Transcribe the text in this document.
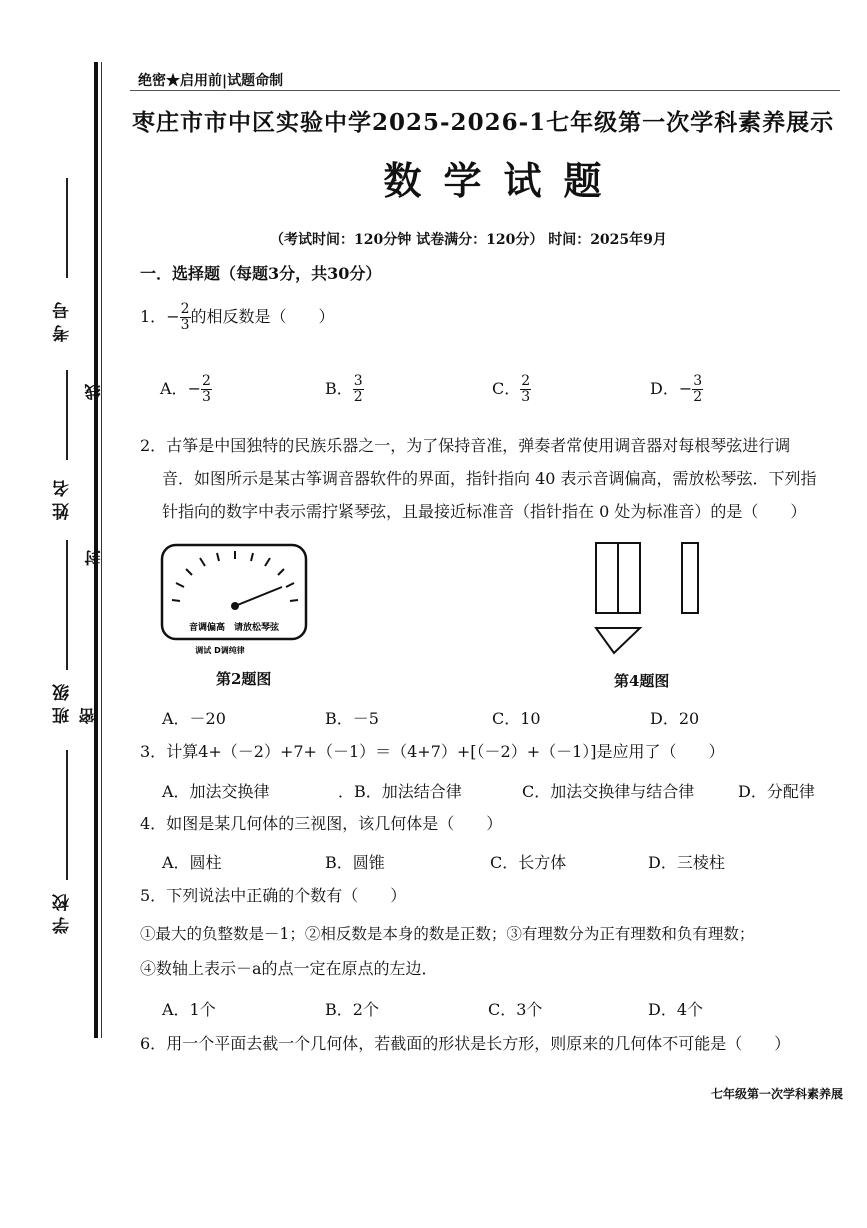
考号
姓名
班级
学校
线
封
密
绝密★启用前|试题命制
枣庄市市中区实验中学2025-2026-1七年级第一次学科素养展示
数学试题
（考试时间：120分钟 试卷满分：120分） 时间：2025年9月
一．选择题（每题3分，共30分）
1．− $\frac{2}{3}$ 的相反数是（　　）
A．− $\frac{2}{3}$	B． $\frac{3}{2}$	C． $\frac{2}{3}$	D．− $\frac{3}{2}$
2．古筝是中国独特的民族乐器之一，为了保持音准，弹奏者常使用调音器对每根琴弦进行调
音．如图所示是某古筝调音器软件的界面，指针指向 40 表示音调偏高，需放松琴弦．下列指
针指向的数字中表示需拧紧琴弦，且最接近标准音（指针指在 0 处为标准音）的是（　　）
音调偏高　请放松琴弦
调试 D调纯律
第2题图	第4题图
A．－20	B．－5	C．10	D．20
3．计算4+（－2）+7+（－1）＝（4+7）+[（－2）+（－1）]是应用了（　　）
A．加法交换律	．B．加法结合律	C．加法交换律与结合律	D．分配律
4．如图是某几何体的三视图，该几何体是（　　）
A．圆柱	B．圆锥	C．长方体	D．三棱柱
5．下列说法中正确的个数有（　　）
①最大的负整数是－1；②相反数是本身的数是正数；③有理数分为正有理数和负有理数；
④数轴上表示－a的点一定在原点的左边．
A．1个	B．2个	C．3个	D．4个
6．用一个平面去截一个几何体，若截面的形状是长方形，则原来的几何体不可能是（　　）
七年级第一次学科素养展
